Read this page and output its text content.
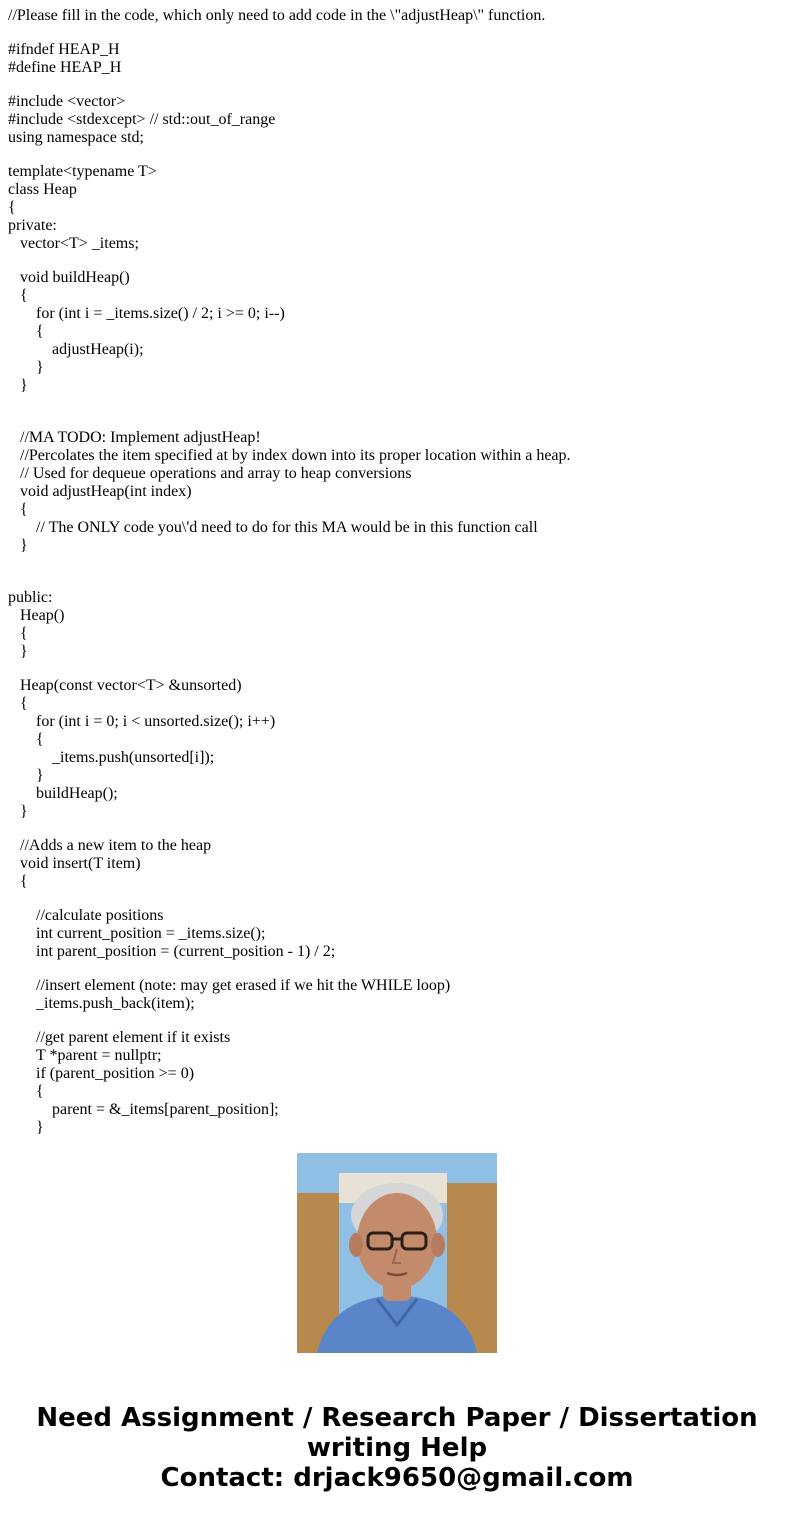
//Please fill in the code, which only need to add code in the \"adjustHeap\" function.
#ifndef HEAP_H
#define HEAP_H
#include <vector>
#include <stdexcept> // std::out_of_range
using namespace std;
template<typename T>
class Heap
{
private:
vector<T> _items;
void buildHeap()
{
for (int i = _items.size() / 2; i >= 0; i--)
{
adjustHeap(i);
}
}
//MA TODO: Implement adjustHeap!
//Percolates the item specified at by index down into its proper location within a heap.
// Used for dequeue operations and array to heap conversions
void adjustHeap(int index)
{
// The ONLY code you\'d need to do for this MA would be in this function call
}
public:
Heap()
{
}
Heap(const vector<T> &unsorted)
{
for (int i = 0; i < unsorted.size(); i++)
{
_items.push(unsorted[i]);
}
buildHeap();
}
//Adds a new item to the heap
void insert(T item)
{
//calculate positions
int current_position = _items.size();
int parent_position = (current_position - 1) / 2;
//insert element (note: may get erased if we hit the WHILE loop)
_items.push_back(item);
//get parent element if it exists
T *parent = nullptr;
if (parent_position >= 0)
{
parent = &_items[parent_position];
}
Need Assignment / Research Paper / Dissertation
writing Help
Contact: drjack9650@gmail.com
